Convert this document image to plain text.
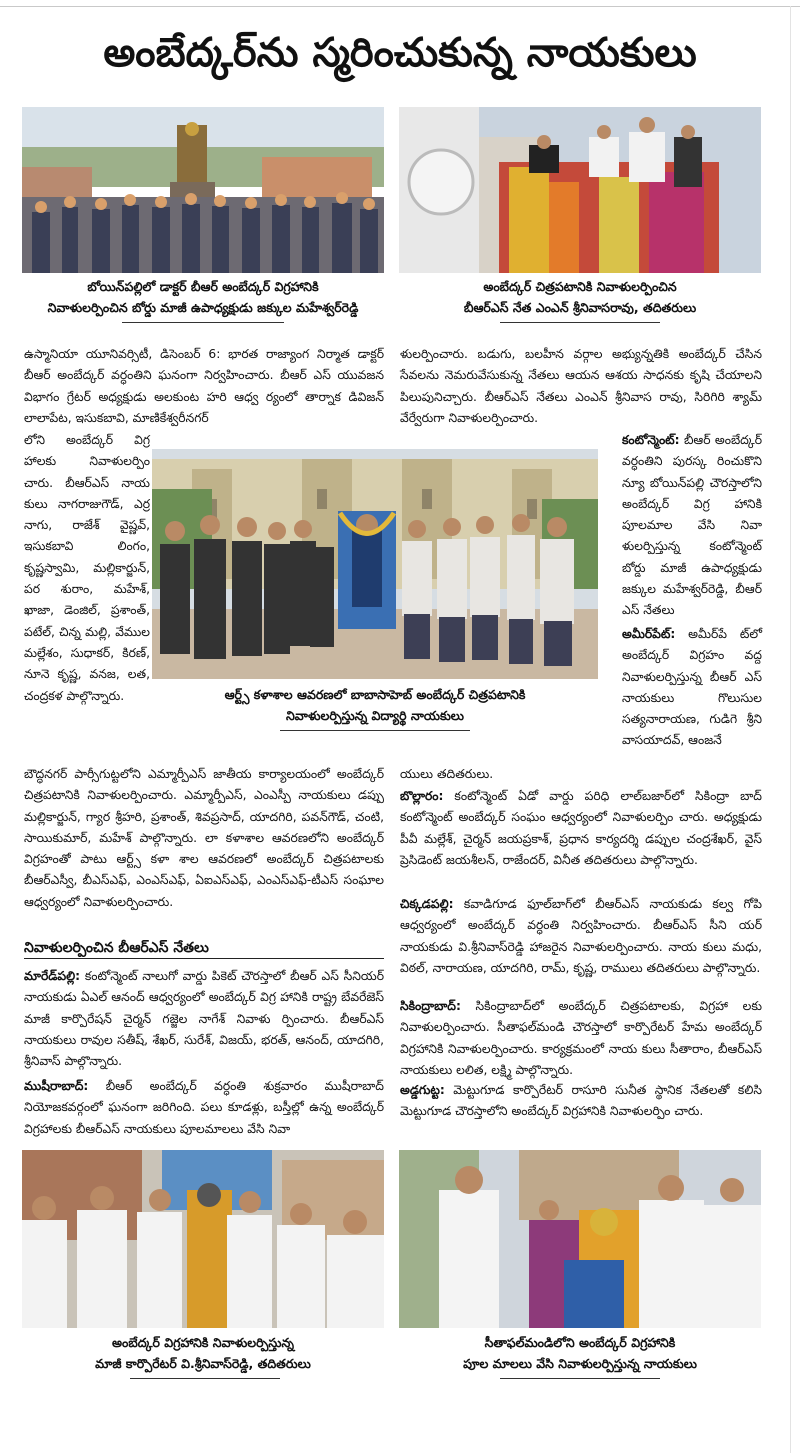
అంబేద్కర్‌ను స్మరించుకున్న నాయకులు
బోయిన్‌పల్లిలో డాక్టర్ బీఆర్ అంబేద్కర్ విగ్రహానికి
నివాళులర్పించిన బోర్డు మాజీ ఉపాధ్యక్షుడు జక్కుల మహేశ్వర్‌రెడ్డి
అంబేద్కర్ చిత్రపటానికి నివాళులర్పించిన
బీఆర్ఎస్ నేత ఎంఎన్ శ్రీనివాసరావు, తదితరులు

ఉస్మానియా యూనివర్సిటీ, డిసెంబర్ 6: భారత రాజ్యాంగ నిర్మాత డాక్టర్ బీఆర్ అంబేద్కర్ వర్ధంతిని ఘనంగా నిర్వహించారు. బీఆర్ ఎస్ యువజన విభాగం గ్రేటర్ అధ్యక్షుడు అలకుంట హరి ఆధ్వ ర్యంలో తార్నాక డివిజన్ లాలాపేట, ఇసుకబావి, మాణికేశ్వరీనగర్

లోని అంబేద్కర్ విగ్ర హాలకు నివాళులర్పిం చారు. బీఆర్ఎస్ నాయ కులు నాగరాజుగౌడ్, ఎర్ర నాగు, రాజేశ్ వైష్ణవ్, ఇసుకబావి లింగం, కృష్ణస్వామి, మల్లికార్జున్, పర శురాం, మహేశ్, ఖాజా, డెంజిల్, ప్రశాంత్, పటేల్, చిన్న మల్లి, వేముల మల్లేశం, సుధాకర్, కిరణ్, నూనె కృష్ణ, వనజ, లత, చంద్రకళ పాల్గొన్నారు.

ళులర్పించారు. బడుగు, బలహీన వర్గాల అభ్యున్నతికి అంబేద్కర్ చేసిన సేవలను నెమరువేసుకున్న నేతలు ఆయన ఆశయ సాధనకు కృషి చేయాలని పిలుపునిచ్చారు. బీఆర్ఎస్ నేతలు ఎంఎన్ శ్రీనివాస రావు, సిరిగిరి శ్యామ్ వేర్వేరుగా నివాళులర్పించారు.

కంటోన్మెంట్: బీఆర్ అంబేద్కర్ వర్ధంతిని పురస్క రించుకొని న్యూ బోయిన్‌పల్లి చౌరస్తాలోని అంబేద్కర్ విగ్ర హానికి పూలమాల వేసి నివా ళులర్పిస్తున్న కంటోన్మెంట్ బోర్డు మాజీ ఉపాధ్యక్షుడు జక్కుల మహేశ్వర్‌రెడ్డి, బీఆర్ ఎస్ నేతలు

అమీర్‌పేట్: అమీర్‌పే ట్‌లో అంబేద్కర్ విగ్రహం వద్ద నివాళులర్పిస్తున్న బీఆర్ ఎస్ నాయకులు గొలుసుల సత్యనారాయణ, గుడిగె శ్రీని వాసయాదవ్, ఆంజనే

ఆర్ట్స్ కళాశాల ఆవరణలో బాబాసాహెబ్ అంబేద్కర్ చిత్రపటానికి
నివాళులర్పిస్తున్న విద్యార్థి నాయకులు

బౌద్ధనగర్ పార్సీగుట్టలోని ఎమ్మార్పీఎస్ జాతీయ కార్యాలయంలో అంబేద్కర్ చిత్రపటానికి నివాళులర్పించారు. ఎమ్మార్పీఎస్, ఎంఎస్పీ నాయకులు డప్పు మల్లికార్జున్, గ్యార శ్రీహరి, ప్రశాంత్, శివప్రసాద్, యాదగిరి, పవన్‌గౌడ్, చంటి, సాయికుమార్, మహేశ్ పాల్గొన్నారు. లా కళాశాల ఆవరణలోని అంబేద్కర్ విగ్రహంతో పాటు ఆర్ట్స్ కళా శాల ఆవరణలో అంబేద్కర్ చిత్రపటాలకు బీఆర్ఎస్వీ, బీఎస్ఎఫ్, ఎంఎస్ఎఫ్, ఏఐఎస్ఎఫ్, ఎంఎస్ఎఫ్-టీఎస్ సంఘాల ఆధ్వర్యంలో నివాళులర్పించారు.

నివాళులర్పించిన బీఆర్ఎస్ నేతలు

మారేడ్‌పల్లి: కంటోన్మెంట్ నాలుగో వార్డు పికెట్ చౌరస్తాలో బీఆర్ ఎస్ సీనియర్ నాయకుడు ఏఎల్ ఆనంద్ ఆధ్వర్యంలో అంబేద్కర్ విగ్ర హానికి రాష్ట్ర బేవరేజెస్ మాజీ కార్పొరేషన్ చైర్మన్ గజ్జెల నాగేశ్ నివాళు ర్పించారు. బీఆర్ఎస్ నాయకులు రావుల సతీష్, శేఖర్, సురేశ్, విజయ్, భరత్, ఆనంద్, యాదగిరి, శ్రీనివాస్ పాల్గొన్నారు.

ముషీరాబాద్: బీఆర్ అంబేద్కర్ వర్ధంతి శుక్రవారం ముషీరాబాద్ నియోజకవర్గంలో ఘనంగా జరిగింది. పలు కూడళ్లు, బస్తీల్లో ఉన్న అంబేద్కర్ విగ్రహాలకు బీఆర్ఎస్ నాయకులు పూలమాలలు వేసి నివా

యులు తదితరులు.

బొల్లారం: కంటోన్మెంట్ ఏడో వార్డు పరిధి లాల్‌బజార్‌లో సికింద్రా బాద్ కంటోన్మెంట్ అంబేద్కర్ సంఘం ఆధ్వర్యంలో నివాళులర్పిం చారు. అధ్యక్షుడు పీవీ మల్లేశ్, చైర్మన్ జయప్రకాశ్, ప్రధాన కార్యదర్శి డప్పుల చంద్రశేఖర్, వైస్ ప్రెసిడెంట్ జయశీలన్, రాజేందర్, వినీత తదితరులు పాల్గొన్నారు.

చిక్కడపల్లి: కవాడిగూడ ఫూల్‌బాగ్‌లో బీఆర్ఎస్ నాయకుడు కల్వ గోపి ఆధ్వర్యంలో అంబేద్కర్ వర్ధంతి నిర్వహించారు. బీఆర్ఎస్ సీని యర్ నాయకుడు వి.శ్రీనివాస్‌రెడ్డి హాజరైన నివాళులర్పించారు. నాయ కులు మధు, విఠల్, నారాయణ, యాదగిరి, రామ్, కృష్ణ, రాములు తదితరులు పాల్గొన్నారు.

సికింద్రాబాద్: సికింద్రాబాద్‌లో అంబేద్కర్ చిత్రపటాలకు, విగ్రహా లకు నివాళులర్పించారు. సీతాఫల్‌మండి చౌరస్తాలో కార్పొరేటర్ హేమ అంబేద్కర్ విగ్రహానికి నివాళులర్పించారు. కార్యక్రమంలో నాయ కులు సీతారాం, బీఆర్ఎస్ నాయకులు లలిత, లక్ష్మి పాల్గొన్నారు.

అడ్డగుట్ట: మెట్టుగూడ కార్పొరేటర్ రాసూరి సునీత స్థానిక నేతలతో కలిసి మెట్టుగూడ చౌరస్తాలోని అంబేద్కర్ విగ్రహానికి నివాళులర్పిం చారు.

అంబేద్కర్ విగ్రహానికి నివాళులర్పిస్తున్న
మాజీ కార్పొరేటర్ వి.శ్రీనివాస్‌రెడ్డి, తదితరులు
సీతాఫల్‌మండిలోని అంబేద్కర్ విగ్రహానికి
పూల మాలలు వేసి నివాళులర్పిస్తున్న నాయకులు
